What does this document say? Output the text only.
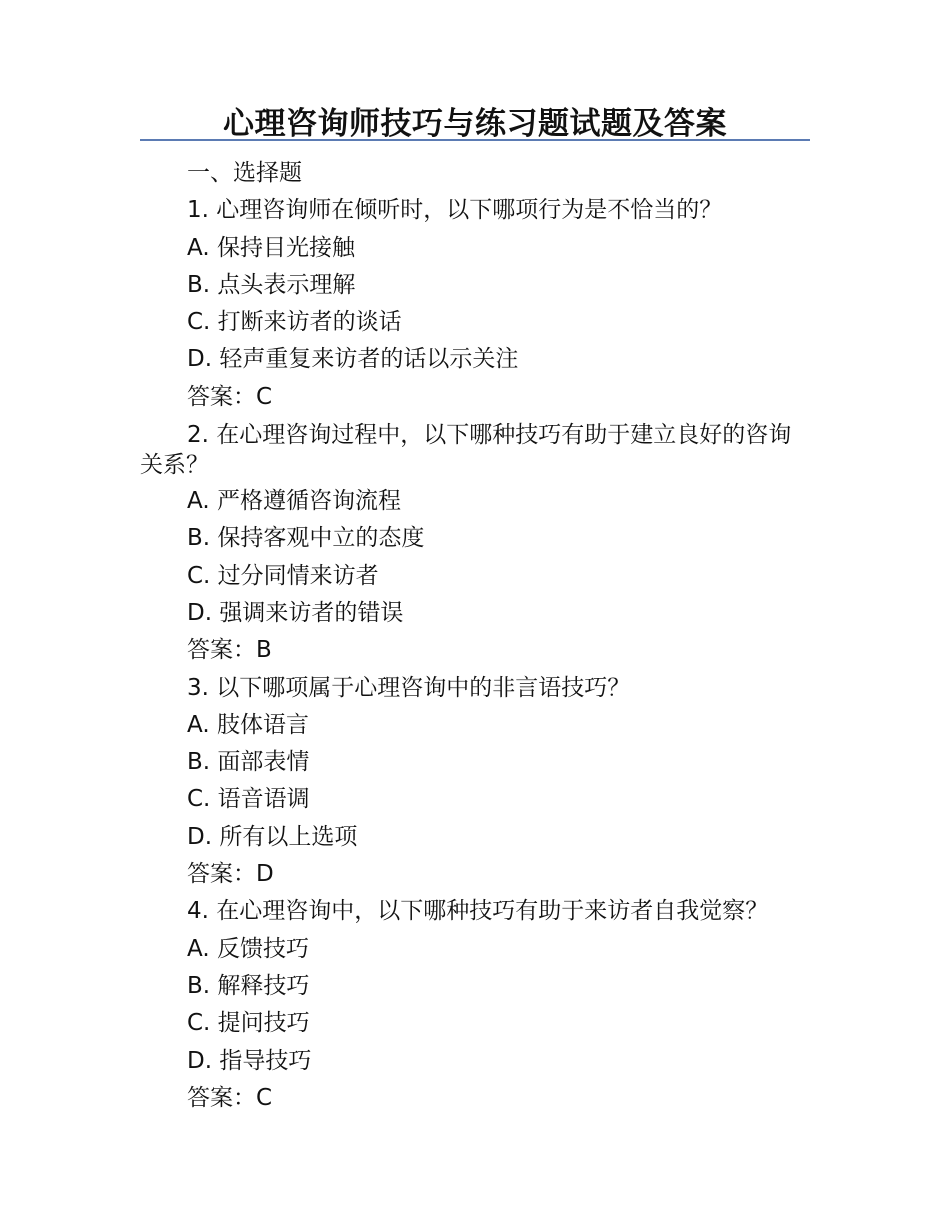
心理咨询师技巧与练习题试题及答案
一、选择题
1. 心理咨询师在倾听时，以下哪项行为是不恰当的？
A. 保持目光接触
B. 点头表示理解
C. 打断来访者的谈话
D. 轻声重复来访者的话以示关注
答案：C
2. 在心理咨询过程中，以下哪种技巧有助于建立良好的咨询关系？
A. 严格遵循咨询流程
B. 保持客观中立的态度
C. 过分同情来访者
D. 强调来访者的错误
答案：B
3. 以下哪项属于心理咨询中的非言语技巧？
A. 肢体语言
B. 面部表情
C. 语音语调
D. 所有以上选项
答案：D
4. 在心理咨询中，以下哪种技巧有助于来访者自我觉察？
A. 反馈技巧
B. 解释技巧
C. 提问技巧
D. 指导技巧
答案：C
